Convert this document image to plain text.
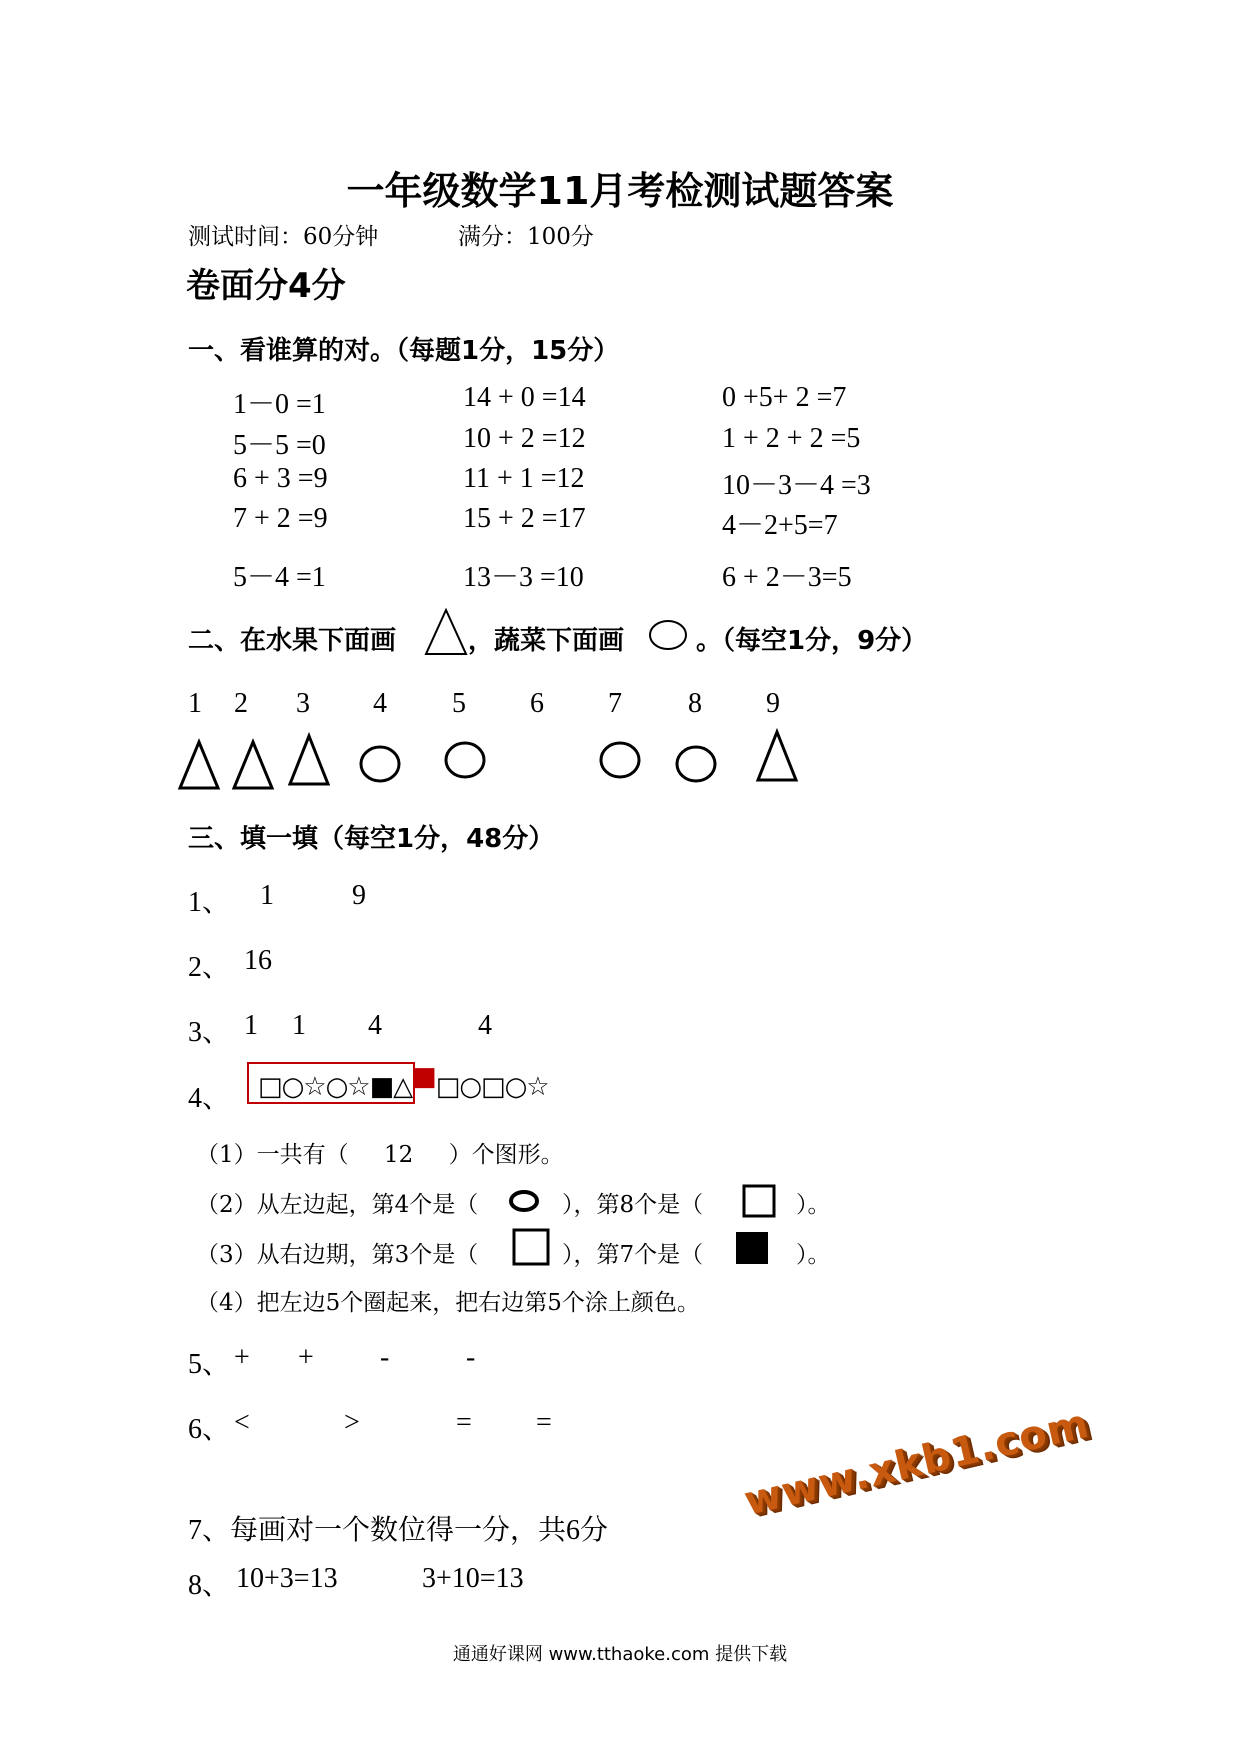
一年级数学11月考检测试题答案
测试时间：60分钟	满分：100分
卷面分4分
一、看谁算的对。（每题1分，15分）
1－0 =1	14 + 0 =14	0 +5+ 2 =7
5－5 =0	10 + 2 =12	1 + 2 + 2 =5
6 + 3 =9	11 + 1 =12	10－3－4 =3
7 + 2 =9	15 + 2 =17	4－2+5=7
5－4 =1	13－3 =10	6 + 2－3=5
二、在水果下面画	，蔬菜下面画	。（每空1分，9分）
1 2 3 4 5 6 7 8 9
三、填一填（每空1分，48分）
1、 1	9
2、 16
3、 1 1 4	4
4、 □○☆○☆■△■□○□○☆
（1）一共有（ 12 ）个图形。
（2）从左边起，第4个是（	），第8个是（	）。
（3）从右边期，第3个是（	），第7个是（	）。
（4）把左边5个圈起来，把右边第5个涂上颜色。
5、 + + -	-
6、 <	>	= =	www.xkb1.com
7、每画对一个数位得一分，共6分
8、 10+3=13	3+10=13
通通好课网 www.tthaoke.com 提供下载
